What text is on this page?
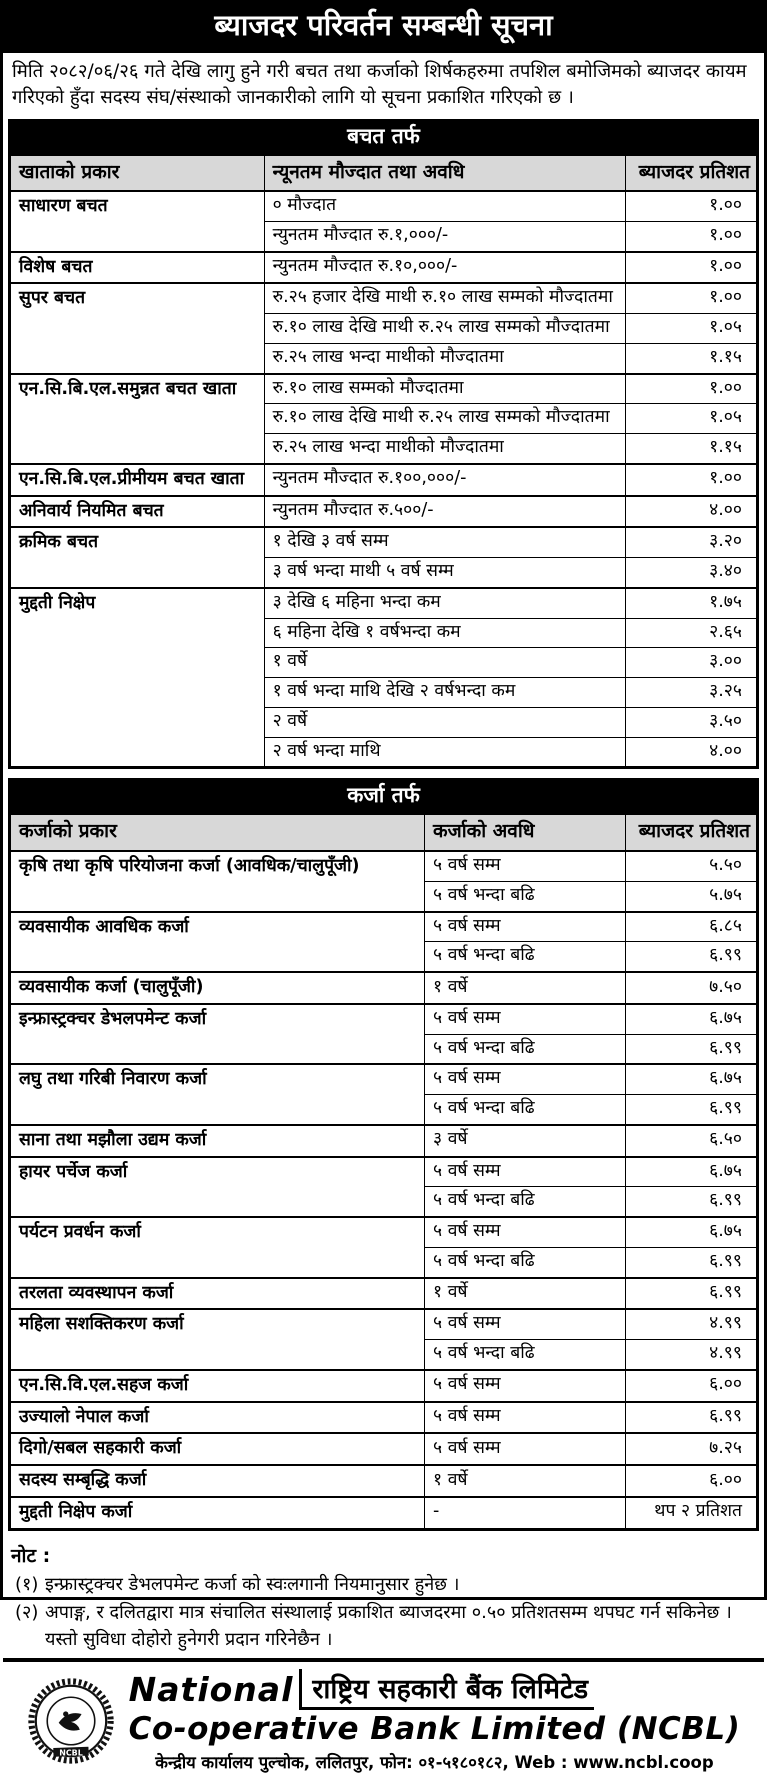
ब्याजदर परिवर्तन सम्बन्धी सूचना
मिति २०८२/०६/२६ गते देखि लागु हुने गरी बचत तथा कर्जाको शिर्षकहरुमा तपशिल बमोजिमको ब्याजदर कायम गरिएको हुँदा सदस्य संघ/संस्थाको जानकारीको लागि यो सूचना प्रकाशित गरिएको छ ।
बचत तर्फ
खाताको प्रकार	न्यूनतम मौज्दात तथा अवधि	ब्याजदर प्रतिशत
साधारण बचत	० मौज्दात	१.००
	न्युनतम मौज्दात रु.१,०००/-	१.००
विशेष बचत	न्युनतम मौज्दात रु.१०,०००/-	१.००
सुपर बचत	रु.२५ हजार देखि माथी रु.१० लाख सम्मको मौज्दातमा	१.००
	रु.१० लाख देखि माथी रु.२५ लाख सम्मको मौज्दातमा	१.०५
	रु.२५ लाख भन्दा माथीको मौज्दातमा	१.१५
एन.सि.बि.एल.समुन्नत बचत खाता	रु.१० लाख सम्मको मौज्दातमा	१.००
	रु.१० लाख देखि माथी रु.२५ लाख सम्मको मौज्दातमा	१.०५
	रु.२५ लाख भन्दा माथीको मौज्दातमा	१.१५
एन.सि.बि.एल.प्रीमीयम बचत खाता	न्युनतम मौज्दात रु.१००,०००/-	१.००
अनिवार्य नियमित बचत	न्युनतम मौज्दात रु.५००/-	४.००
क्रमिक बचत	१ देखि ३ वर्ष सम्म	३.२०
	३ वर्ष भन्दा माथी ५ वर्ष सम्म	३.४०
मुद्दती निक्षेप	३ देखि ६ महिना भन्दा कम	१.७५
	६ महिना देखि १ वर्षभन्दा कम	२.६५
	१ वर्षे	३.००
	१ वर्ष भन्दा माथि देखि २ वर्षभन्दा कम	३.२५
	२ वर्षे	३.५०
	२ वर्ष भन्दा माथि	४.००
कर्जा तर्फ
कर्जाको प्रकार	कर्जाको अवधि	ब्याजदर प्रतिशत
कृषि तथा कृषि परियोजना कर्जा (आवधिक/चालुपूँजी)	५ वर्ष सम्म	५.५०
	५ वर्ष भन्दा बढि	५.७५
व्यवसायीक आवधिक कर्जा	५ वर्ष सम्म	६.८५
	५ वर्ष भन्दा बढि	६.९९
व्यवसायीक कर्जा (चालुपूँजी)	१ वर्षे	७.५०
इन्फ्रास्ट्रक्चर डेभलपमेन्ट कर्जा	५ वर्ष सम्म	६.७५
	५ वर्ष भन्दा बढि	६.९९
लघु तथा गरिबी निवारण कर्जा	५ वर्ष सम्म	६.७५
	५ वर्ष भन्दा बढि	६.९९
साना तथा मझौला उद्यम कर्जा	३ वर्षे	६.५०
हायर पर्चेज कर्जा	५ वर्ष सम्म	६.७५
	५ वर्ष भन्दा बढि	६.९९
पर्यटन प्रवर्धन कर्जा	५ वर्ष सम्म	६.७५
	५ वर्ष भन्दा बढि	६.९९
तरलता व्यवस्थापन कर्जा	१ वर्षे	६.९९
महिला सशक्तिकरण कर्जा	५ वर्ष सम्म	४.९९
	५ वर्ष भन्दा बढि	४.९९
एन.सि.वि.एल.सहज कर्जा	५ वर्ष सम्म	६.००
उज्यालो नेपाल कर्जा	५ वर्ष सम्म	६.९९
दिगो/सबल सहकारी कर्जा	५ वर्ष सम्म	७.२५
सदस्य सम्बृद्धि कर्जा	१ वर्षे	६.००
मुद्दती निक्षेप कर्जा	-	थप २ प्रतिशत
नोट :
(१) इन्फ्रास्ट्रक्चर डेभलपमेन्ट कर्जा को स्वःलगानी नियमानुसार हुनेछ ।
(२) अपाङ्ग, र दलितद्वारा मात्र संचालित संस्थालाई प्रकाशित ब्याजदरमा ०.५० प्रतिशतसम्म थपघट गर्न सकिनेछ । यस्तो सुविधा दोहोरो हुनेगरी प्रदान गरिनेछैन ।
NCBL
National राष्ट्रिय सहकारी बैंक लिमिटेड
Co-operative Bank Limited (NCBL)
केन्द्रीय कार्यालय पुल्चोक, ललितपुर, फोन: ०१-५१८०१८२, Web : www.ncbl.coop
